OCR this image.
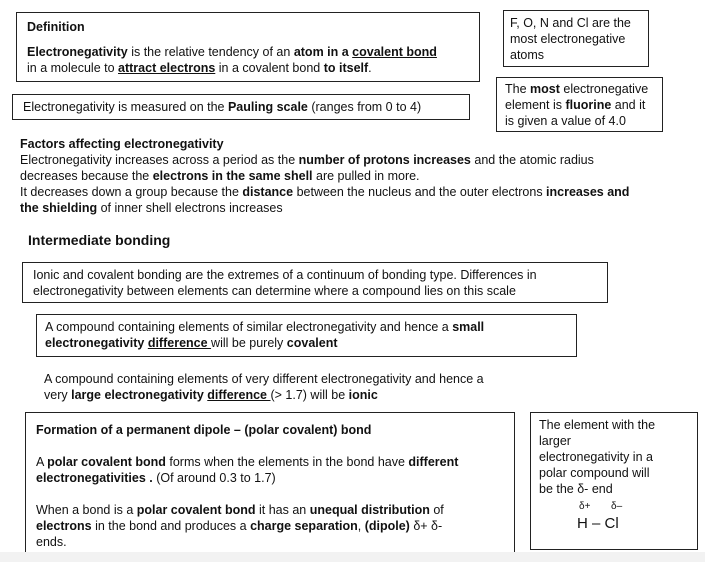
Definition

Electronegativity is the relative tendency of an atom in a covalent bond

in a molecule to attract electrons in a covalent bond to itself.

F, O, N and Cl are the

most electronegative

atoms

Electronegativity is measured on the Pauling scale (ranges from 0 to 4)

The most electronegative

element is fluorine and it

is given a value of 4.0

Factors affecting electronegativity

Electronegativity increases across a period as the number of protons increases and the atomic radius

decreases because the electrons in the same shell are pulled in more.

It decreases down a group because the distance between the nucleus and the outer electrons increases and

the shielding of inner shell electrons increases

Intermediate bonding

Ionic and covalent bonding are the extremes of a continuum of bonding type. Differences in

electronegativity between elements can determine where a compound lies on this scale

A compound containing elements of similar electronegativity and hence a small

electronegativity difference will be purely covalent

A compound containing elements of very different electronegativity and hence a

very large electronegativity difference (> 1.7) will be ionic

Formation of a permanent dipole – (polar covalent) bond

A polar covalent bond forms when the elements in the bond have different

electronegativities . (Of around 0.3 to 1.7)

When a bond is a polar covalent bond it has an unequal distribution of

electrons in the bond and produces a charge separation, (dipole) δ+ δ-

ends.

The element with the

larger

electronegativity in a

polar compound will

be the δ- end

δ+ δ–
H – Cl
